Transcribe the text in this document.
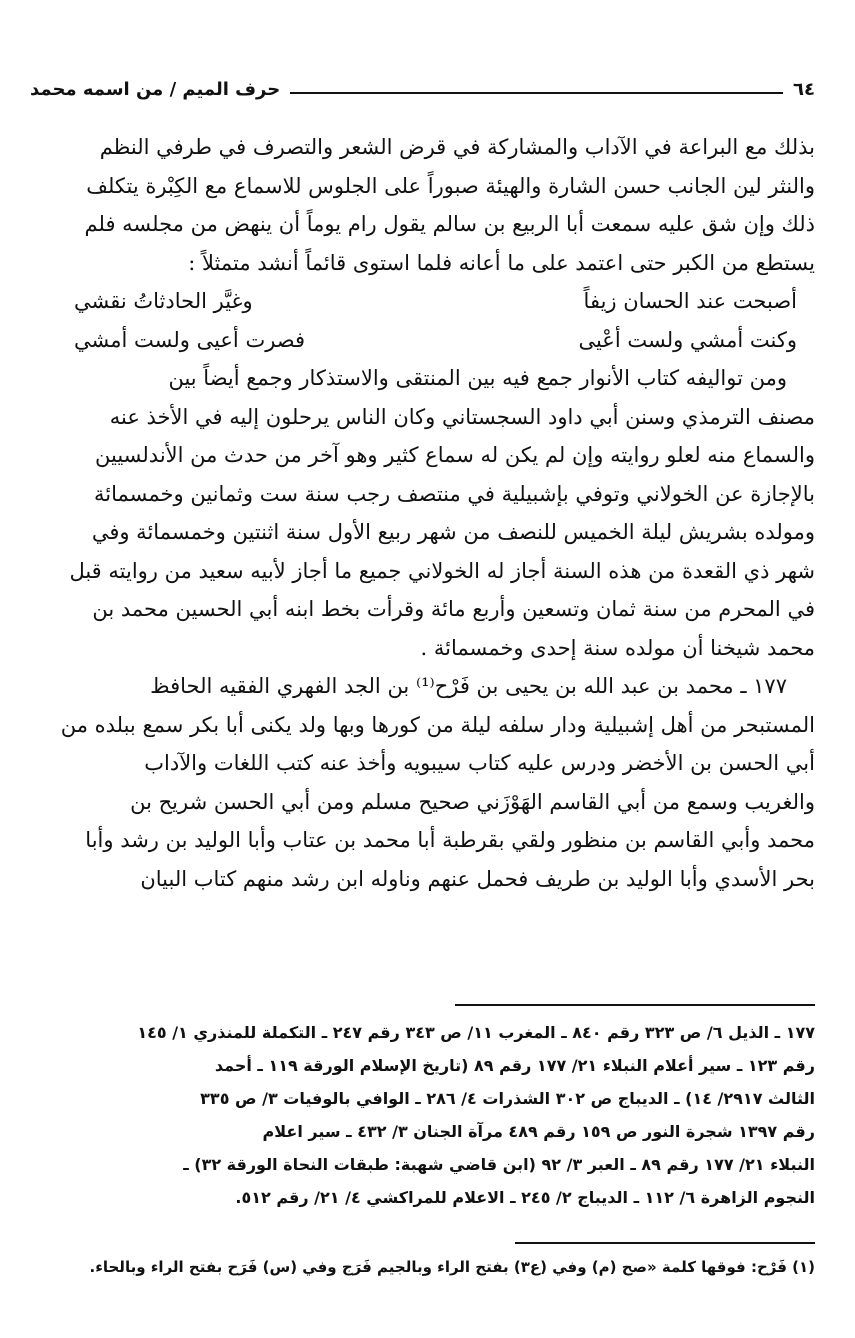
٦٤
حرف الميم / من اسمه محمد

بذلك مع البراعة في الآداب والمشاركة في قرض الشعر والتصرف في طرفي النظم

والنثر لين الجانب حسن الشارة والهيئة صبوراً على الجلوس للاسماع مع الكِبْرة يتكلف

ذلك وإن شق عليه سمعت أبا الربيع بن سالم يقول رام يوماً أن ينهض من مجلسه فلم

يستطع من الكبر حتى اعتمد على ما أعانه فلما استوى قائماً أنشد متمثلاً :

أصبحت عند الحسان زيفاً
وغيَّر الحادثاتُ نقشي
وكنت أمشي ولست أعْيى
فصرت أعيى ولست أمشي

ومن تواليفه كتاب الأنوار جمع فيه بين المنتقى والاستذكار وجمع أيضاً بين

مصنف الترمذي وسنن أبي داود السجستاني وكان الناس يرحلون إليه في الأخذ عنه

والسماع منه لعلو روايته وإن لم يكن له سماع كثير وهو آخر من حدث من الأندلسيين

بالإجازة عن الخولاني وتوفي بإشبيلية في منتصف رجب سنة ست وثمانين وخمسمائة

ومولده بشريش ليلة الخميس للنصف من شهر ربيع الأول سنة اثنتين وخمسمائة وفي

شهر ذي القعدة من هذه السنة أجاز له الخولاني جميع ما أجاز لأبيه سعيد من روايته قبل

في المحرم من سنة ثمان وتسعين وأربع مائة وقرأت بخط ابنه أبي الحسين محمد بن

محمد شيخنا أن مولده سنة إحدى وخمسمائة .

١٧٧ ـ محمد بن عبد الله بن يحيى بن فَرْح⁽¹⁾ بن الجد الفهري الفقيه الحافظ

المستبحر من أهل إشبيلية ودار سلفه ليلة من كورها وبها ولد يكنى أبا بكر سمع ببلده من

أبي الحسن بن الأخضر ودرس عليه كتاب سيبويه وأخذ عنه كتب اللغات والآداب

والغريب وسمع من أبي القاسم الهَوْزَني صحيح مسلم ومن أبي الحسن شريح بن

محمد وأبي القاسم بن منظور ولقي بقرطبة أبا محمد بن عتاب وأبا الوليد بن رشد وأبا

بحر الأسدي وأبا الوليد بن طريف فحمل عنهم وناوله ابن رشد منهم كتاب البيان

١٧٧ ـ الذيل ٦/ ص ٣٢٣ رقم ٨٤٠ ـ المغرب ١١/ ص ٣٤٣ رقم ٢٤٧ ـ التكملة للمنذري ١/ ١٤٥

رقم ١٢٣ ـ سير أعلام النبلاء ٢١/ ١٧٧ رقم ٨٩ (تاريخ الإسلام الورقة ١١٩ ـ أحمد

الثالث ٢٩١٧/ ١٤) ـ الديباج ص ٣٠٢ الشذرات ٤/ ٢٨٦ ـ الوافي بالوفيات ٣/ ص ٣٣٥

رقم ١٣٩٧ شجرة النور ص ١٥٩ رقم ٤٨٩ مرآة الجنان ٣/ ٤٣٢ ـ سير اعلام

النبلاء ٢١/ ١٧٧ رقم ٨٩ ـ العبر ٣/ ٩٢ (ابن قاضي شهبة: طبقات النحاة الورقة ٣٢) ـ

النجوم الزاهرة ٦/ ١١٢ ـ الديباج ٢/ ٢٤٥ ـ الاعلام للمراكشي ٤/ ٢١/ رقم ٥١٢.

(١) فَرْح: فوقها كلمة «صح (م) وفي (ع٣) بفتح الراء وبالجيم فَرَج وفي (س) فَرَح بفتح الراء وبالحاء.
